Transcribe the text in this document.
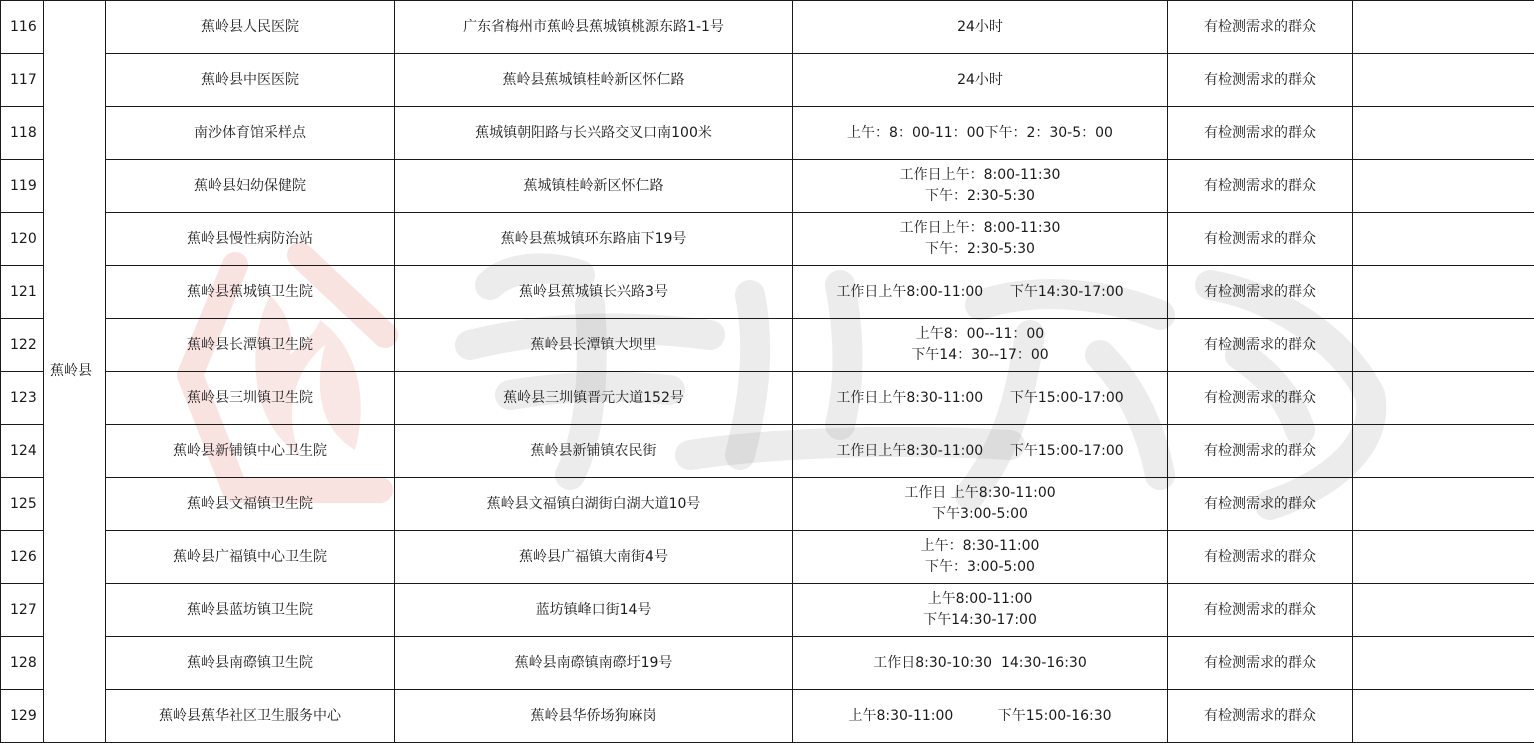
116	蕉岭县	蕉岭县人民医院	广东省梅州市蕉岭县蕉城镇桃源东路1-1号	24小时	有检测需求的群众	
117		蕉岭县中医医院	蕉岭县蕉城镇桂岭新区怀仁路	24小时	有检测需求的群众	
118		南沙体育馆采样点	蕉城镇朝阳路与长兴路交叉口南100米	上午：8：00-11：00下午：2：30-5：00	有检测需求的群众	
119		蕉岭县妇幼保健院	蕉城镇桂岭新区怀仁路	工作日上午：8:00-11:30
下午：2:30-5:30	有检测需求的群众	
120		蕉岭县慢性病防治站	蕉岭县蕉城镇环东路庙下19号	工作日上午：8:00-11:30
下午：2:30-5:30	有检测需求的群众	
121		蕉岭县蕉城镇卫生院	蕉岭县蕉城镇长兴路3号	工作日上午8:00-11:00      下午14:30-17:00	有检测需求的群众	
122		蕉岭县长潭镇卫生院	蕉岭县长潭镇大坝里	上午8：00--11：00
下午14：30--17：00	有检测需求的群众	
123		蕉岭县三圳镇卫生院	蕉岭县三圳镇晋元大道152号	工作日上午8:30-11:00      下午15:00-17:00	有检测需求的群众	
124		蕉岭县新铺镇中心卫生院	蕉岭县新铺镇农民街	工作日上午8:30-11:00      下午15:00-17:00	有检测需求的群众	
125		蕉岭县文福镇卫生院	蕉岭县文福镇白湖街白湖大道10号	工作日 上午8:30-11:00
下午3:00-5:00	有检测需求的群众	
126		蕉岭县广福镇中心卫生院	蕉岭县广福镇大南街4号	上午：8:30-11:00
下午：3:00-5:00	有检测需求的群众	
127		蕉岭县蓝坊镇卫生院	蓝坊镇峰口街14号	上午8:00-11:00
下午14:30-17:00	有检测需求的群众	
128		蕉岭县南磜镇卫生院	蕉岭县南磜镇南磜圩19号	工作日8:30-10:30  14:30-16:30	有检测需求的群众	
129		蕉岭县蕉华社区卫生服务中心	蕉岭县华侨场狗麻岗	上午8:30-11:00          下午15:00-16:30	有检测需求的群众	
